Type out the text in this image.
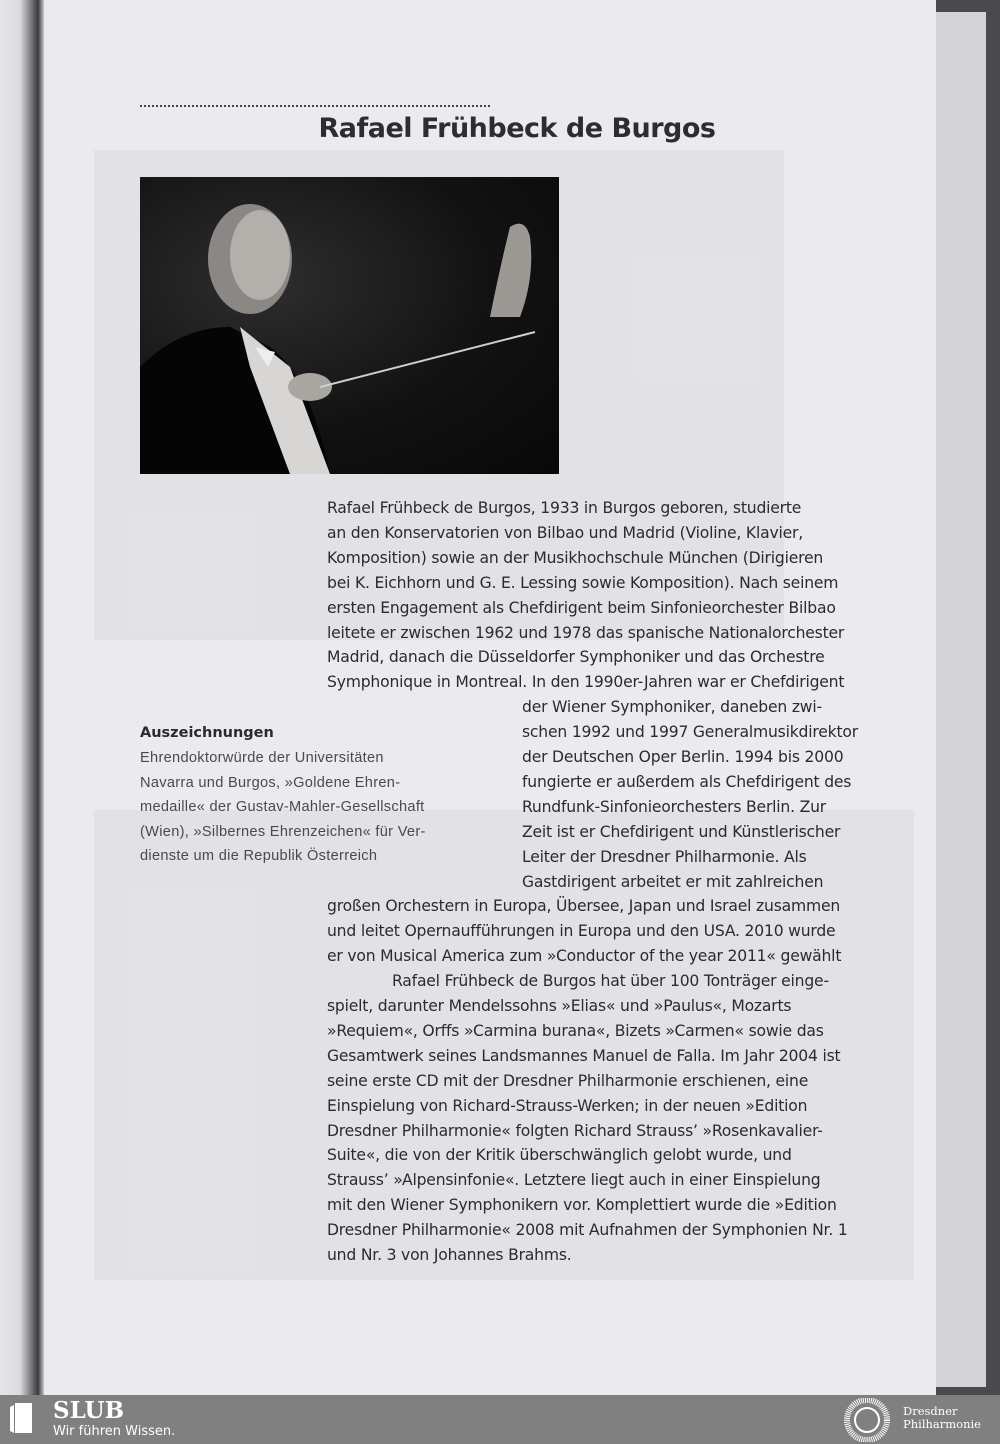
Rafael Frühbeck de Burgos
Rafael Frühbeck de Burgos, 1933 in Burgos geboren, studierte
an den Konservatorien von Bilbao und Madrid (Violine, Klavier,
Komposition) sowie an der Musikhochschule München (Dirigieren
bei K. Eichhorn und G. E. Lessing sowie Komposition). Nach seinem
ersten Engagement als Chefdirigent beim Sinfonieorchester Bilbao
leitete er zwischen 1962 und 1978 das spanische Nationalorchester
Madrid, danach die Düsseldorfer Symphoniker und das Orchestre
Symphonique in Montreal. In den 1990er-Jahren war er Chefdirigent
der Wiener Symphoniker, daneben zwi-
schen 1992 und 1997 Generalmusikdirektor
der Deutschen Oper Berlin. 1994 bis 2000
fungierte er außerdem als Chefdirigent des
Rundfunk-Sinfonieorchesters Berlin. Zur
Zeit ist er Chefdirigent und Künstlerischer
Leiter der Dresdner Philharmonie. Als
Gastdirigent arbeitet er mit zahlreichen
großen Orchestern in Europa, Übersee, Japan und Israel zusammen
und leitet Opernaufführungen in Europa und den USA. 2010 wurde
er von Musical America zum »Conductor of the year 2011« gewählt
Rafael Frühbeck de Burgos hat über 100 Tonträger einge-
spielt, darunter Mendelssohns »Elias« und »Paulus«, Mozarts
»Requiem«, Orffs »Carmina burana«, Bizets »Carmen« sowie das
Gesamtwerk seines Landsmannes Manuel de Falla. Im Jahr 2004 ist
seine erste CD mit der Dresdner Philharmonie erschienen, eine
Einspielung von Richard-Strauss-Werken; in der neuen »Edition
Dresdner Philharmonie« folgten Richard Strauss’ »Rosenkavalier-
Suite«, die von der Kritik überschwänglich gelobt wurde, und
Strauss’ »Alpensinfonie«. Letztere liegt auch in einer Einspielung
mit den Wiener Symphonikern vor. Komplettiert wurde die »Edition
Dresdner Philharmonie« 2008 mit Aufnahmen der Symphonien Nr. 1
und Nr. 3 von Johannes Brahms.
Auszeichnungen
Ehrendoktorwürde der Universitäten
Navarra und Burgos, »Goldene Ehren-
medaille« der Gustav-Mahler-Gesellschaft
(Wien), »Silbernes Ehrenzeichen« für Ver-
dienste um die Republik Österreich
SLUB
Wir führen Wissen.
Dresdner
Philharmonie
